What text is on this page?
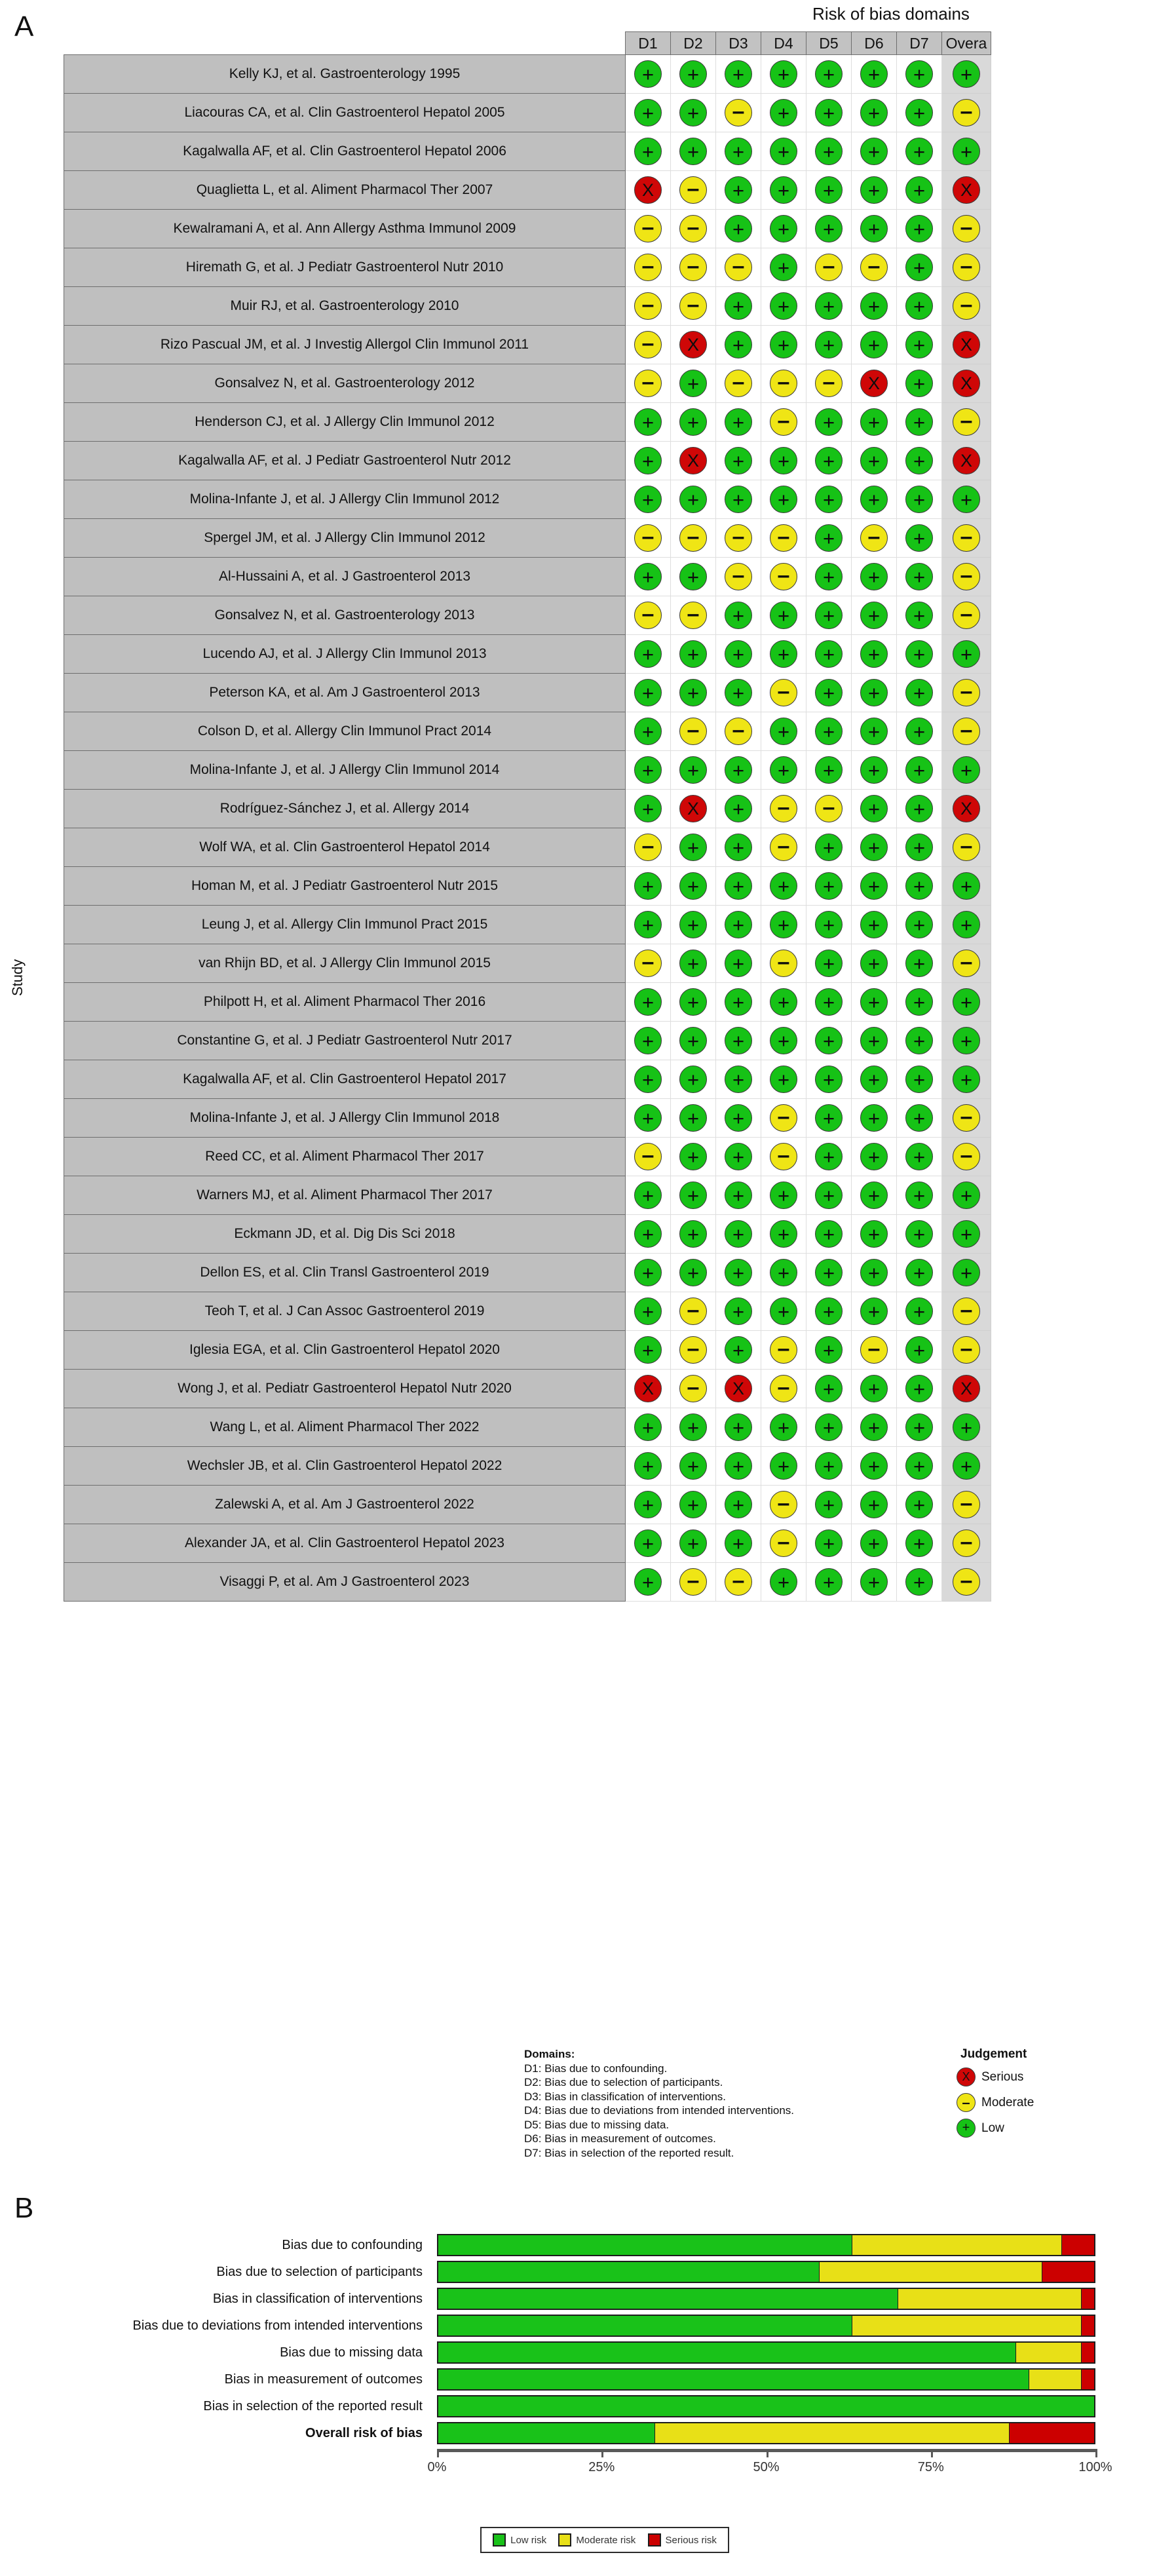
A	Risk of bias domains
Study
	D1	D2	D3	D4	D5	D6	D7	Overa
Kelly KJ, et al. Gastroenterology 1995	+	+	+	+	+	+	+	+

Liacouras CA, et al. Clin Gastroenterol Hepatol 2005	+	+	–	+	+	+	+	–

Kagalwalla AF, et al. Clin Gastroenterol Hepatol 2006	+	+	+	+	+	+	+	+

Quaglietta L, et al. Aliment Pharmacol Ther 2007	X	–	+	+	+	+	+	X

Kewalramani A, et al. Ann Allergy Asthma Immunol 2009	–	–	+	+	+	+	+	–

Hiremath G, et al. J Pediatr Gastroenterol Nutr 2010	–	–	–	+	–	–	+	–

Muir RJ, et al. Gastroenterology 2010	–	–	+	+	+	+	+	–

Rizo Pascual JM, et al. J Investig Allergol Clin Immunol 2011	–	X	+	+	+	+	+	X

Gonsalvez N, et al. Gastroenterology 2012	–	+	–	–	–	X	+	X

Henderson CJ, et al. J Allergy Clin Immunol 2012	+	+	+	–	+	+	+	–

Kagalwalla AF, et al. J Pediatr Gastroenterol Nutr 2012	+	X	+	+	+	+	+	X

Molina-Infante J, et al. J Allergy Clin Immunol 2012	+	+	+	+	+	+	+	+

Spergel JM, et al. J Allergy Clin Immunol 2012	–	–	–	–	+	–	+	–

Al-Hussaini A, et al. J Gastroenterol 2013	+	+	–	–	+	+	+	–

Gonsalvez N, et al. Gastroenterology 2013	–	–	+	+	+	+	+	–

Lucendo AJ, et al. J Allergy Clin Immunol 2013	+	+	+	+	+	+	+	+

Peterson KA, et al. Am J Gastroenterol 2013	+	+	+	–	+	+	+	–

Colson D, et al. Allergy Clin Immunol Pract 2014	+	–	–	+	+	+	+	–

Molina-Infante J, et al. J Allergy Clin Immunol 2014	+	+	+	+	+	+	+	+

Rodríguez-Sánchez J, et al. Allergy 2014	+	X	+	–	–	+	+	X

Wolf WA, et al. Clin Gastroenterol Hepatol 2014	–	+	+	–	+	+	+	–

Homan M, et al. J Pediatr Gastroenterol Nutr 2015	+	+	+	+	+	+	+	+

Leung J, et al. Allergy Clin Immunol Pract 2015	+	+	+	+	+	+	+	+

van Rhijn BD, et al. J Allergy Clin Immunol 2015	–	+	+	–	+	+	+	–

Philpott H, et al. Aliment Pharmacol Ther 2016	+	+	+	+	+	+	+	+

Constantine G, et al. J Pediatr Gastroenterol Nutr 2017	+	+	+	+	+	+	+	+

Kagalwalla AF, et al. Clin Gastroenterol Hepatol 2017	+	+	+	+	+	+	+	+

Molina-Infante J, et al. J Allergy Clin Immunol 2018	+	+	+	–	+	+	+	–

Reed CC, et al. Aliment Pharmacol Ther 2017	–	+	+	–	+	+	+	–

Warners MJ, et al. Aliment Pharmacol Ther 2017	+	+	+	+	+	+	+	+

Eckmann JD, et al. Dig Dis Sci 2018	+	+	+	+	+	+	+	+

Dellon ES, et al. Clin Transl Gastroenterol 2019	+	+	+	+	+	+	+	+

Teoh T, et al. J Can Assoc Gastroenterol 2019	+	–	+	+	+	+	+	–

Iglesia EGA, et al. Clin Gastroenterol Hepatol 2020	+	–	+	–	+	–	+	–

Wong J, et al. Pediatr Gastroenterol Hepatol Nutr 2020	X	–	X	–	+	+	+	X

Wang L, et al. Aliment Pharmacol Ther 2022	+	+	+	+	+	+	+	+

Wechsler JB, et al. Clin Gastroenterol Hepatol 2022	+	+	+	+	+	+	+	+

Zalewski A, et al. Am J Gastroenterol 2022	+	+	+	–	+	+	+	–

Alexander JA, et al. Clin Gastroenterol Hepatol 2023	+	+	+	–	+	+	+	–

Visaggi P, et al. Am J Gastroenterol 2023	+	–	–	+	+	+	+	–
Domains:
D1: Bias due to confounding.
D2: Bias due to selection of participants.
D3: Bias in classification of interventions.
D4: Bias due to deviations from intended interventions.
D5: Bias due to missing data.
D6: Bias in measurement of outcomes.
D7: Bias in selection of the reported result.
Judgement
X Serious
– Moderate
+ Low
B
Bias due to confounding
Bias due to selection of participants
Bias in classification of interventions
Bias due to deviations from intended interventions
Bias due to missing data
Bias in measurement of outcomes
Bias in selection of the reported result
Overall risk of bias
0%	25%	50%	75%	100%
Low risk	Moderate risk	Serious risk
